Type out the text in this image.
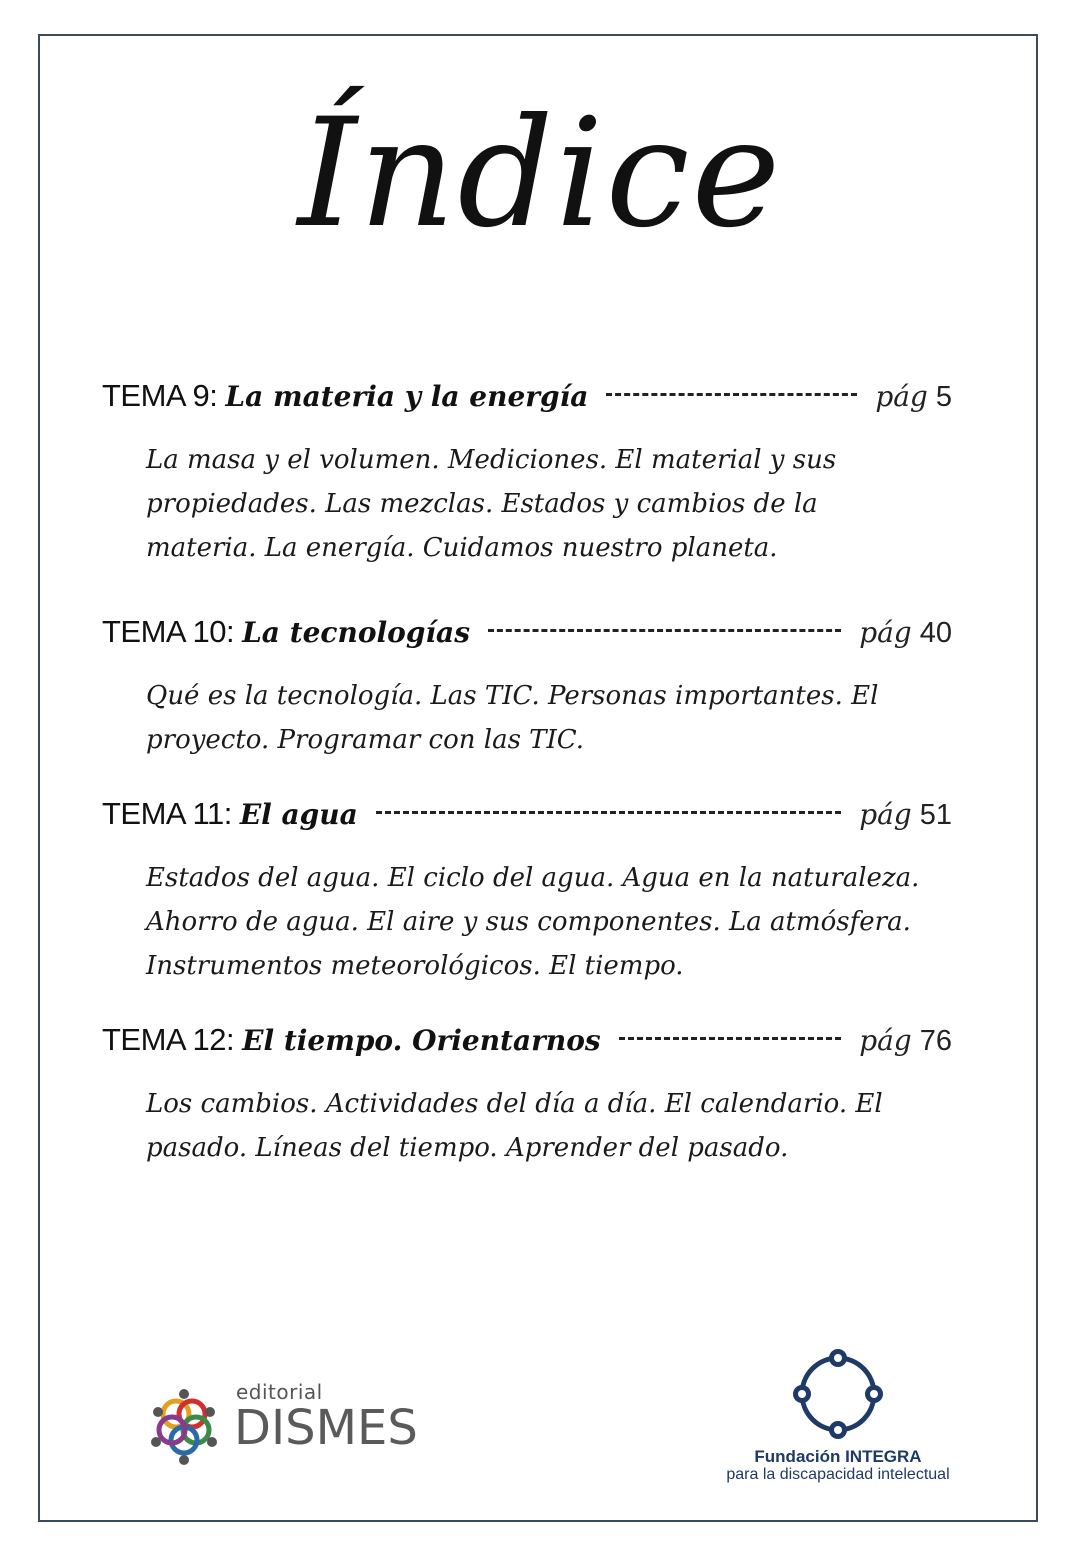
Índice
TEMA 9: La materia y la energía	pág 5
La masa y el volumen. Mediciones. El material y sus propiedades. Las mezclas. Estados y cambios de la materia. La energía. Cuidamos nuestro planeta.
TEMA 10: La tecnologías	pág 40
Qué es la tecnología. Las TIC. Personas importantes. El proyecto. Programar con las TIC.
TEMA 11: El agua	pág 51
Estados del agua. El ciclo del agua. Agua en la naturaleza. Ahorro de agua. El aire y sus componentes. La atmósfera. Instrumentos meteorológicos. El tiempo.
TEMA 12: El tiempo. Orientarnos	pág 76
Los cambios. Actividades del día a día. El calendario. El pasado. Líneas del tiempo. Aprender del pasado.
editorial
DISMES
Fundación INTEGRA
para la discapacidad intelectual
